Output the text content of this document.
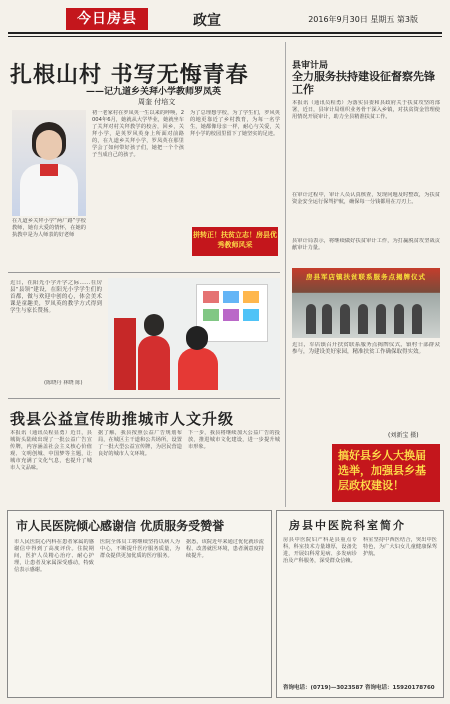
今日房县	政宣	2016年9月30日 星期五 第3版
扎根山村 书写无悔青春
——记九道乡关拜小学教师罗凤英
周奎 付培文
在九道乡关拜小学“两广路”学校教师，她有大爱的情怀，在她的执教中是为人师表的好老师
初一老家村在罗凤英一生以来的呼唤，2004年6月，她就从大学毕业，她就坐车了关拜对村关拜教学的校舍，回乡，关拜小学，是英罗风英身上所面对前路的，在九道乡关拜小学，罗凤英在那里学会了如何带好孩子们，她把一个个孩子当成自己的孩子。
为了总理想学校，为了学生们，罗风英的地更靠近了乡村教育，为每一名学生，她都像母亲一样，耐心与关爱，关拜小学的校园里留下了她坚实的足迹。
拼转正！扶贫立志！房县优秀教师风采
近日，在阳光小学开学之际……在房县“县领”建设，在阳光小学学生们的首都，做与欢迎中创的心，体会美术课是童趣美，罗凤英的教学方式得到学生与家长赞扬。
(陈晓丹 林晓 陈)
我县公益宣传助推城市人文升级
本报讯（通讯员程显勇）近日，县城街头陆续出现了一批公益广告宣传牌，内容涵盖社会主义核心价值观、文明创城、中国梦等主题，让城市充满了文化气息，也提升了城市人文品味。
据了解，我县按照公益广告规划布局，在城区主干道和公共场所，设置了一批大型公益宣传牌，为居民营造良好的城市人文环境。
下一步，我县将继续加大公益广告的投放，推进城市文化建设，进一步提升城市形象。
县审计局
全力服务扶持建设征督察先锋工作
本报讯（通讯员程勇）为落实县委和县政府关于扶贫攻坚的部署，近日，县审计局组织业务骨干深入乡镇，对扶贫资金管理使用情况开展审计，助力全县精准扶贫工作。
在审计过程中，审计人员认真核查，发现问题及时整改，为扶贫资金安全运行保驾护航，确保每一分钱都用在刀刃上。
县审计局表示，将继续做好扶贫审计工作，为打赢脱贫攻坚战贡献审计力量。
房县军店镇扶贫联系服务点揭牌仪式
近日，军店镇召开扶贫联系服务点揭牌仪式，镇村干部群众参与，为建设美好家园，精准扶贫工作确保取得实效。
(刘新宝 摄)
搞好县乡人大换届选举，加强县乡基层政权建设！
市人民医院倾心感谢信 优质服务受赞誉
市人民医院心内科在患者家属的感谢信中得到了高度评价。住院期间，医护人员精心治疗、耐心护理，让患者及家属深受感动，特致信表示感谢。
医院全体员工将继续坚持以病人为中心，不断提升医疗服务质量，为群众提供更加优质的医疗服务。
据悉，该院近年来通过优化就诊流程、改善就医环境，患者满意度持续提升。
房县中医院科室简介
房县中医院妇产科是县重点专科，科室技术力量雄厚，设备先进，开展妇科常见病、多发病诊治及产科服务，深受群众信赖。
科室坚持中西医结合，突出中医特色，为广大妇女儿童健康保驾护航。
咨询电话：(0719)—3023587 咨询电话：15920178760
